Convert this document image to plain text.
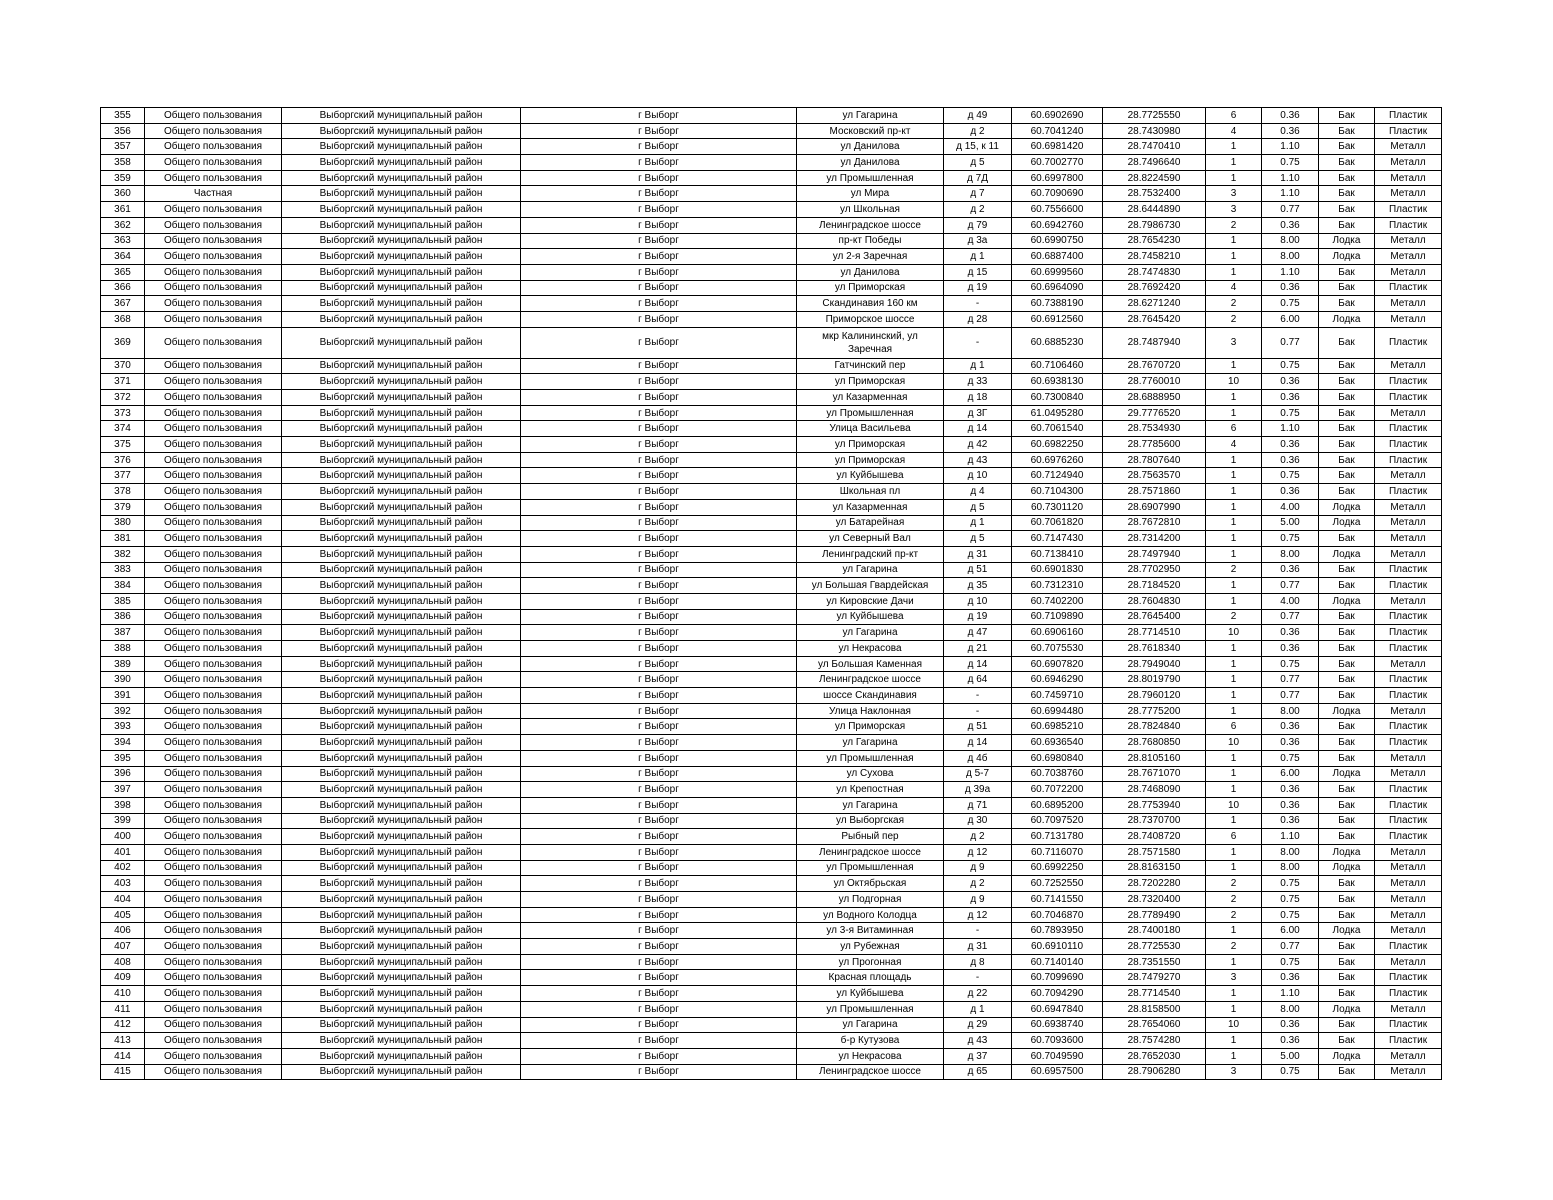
355	Общего пользования	Выборгский муниципальный район	г Выборг	ул Гагарина	д 49	60.6902690	28.7725550	6	0.36	Бак	Пластик
356	Общего пользования	Выборгский муниципальный район	г Выборг	Московский пр-кт	д 2	60.7041240	28.7430980	4	0.36	Бак	Пластик
357	Общего пользования	Выборгский муниципальный район	г Выборг	ул Данилова	д 15, к 11	60.6981420	28.7470410	1	1.10	Бак	Металл
358	Общего пользования	Выборгский муниципальный район	г Выборг	ул Данилова	д 5	60.7002770	28.7496640	1	0.75	Бак	Металл
359	Общего пользования	Выборгский муниципальный район	г Выборг	ул Промышленная	д 7Д	60.6997800	28.8224590	1	1.10	Бак	Металл
360	Частная	Выборгский муниципальный район	г Выборг	ул Мира	д 7	60.7090690	28.7532400	3	1.10	Бак	Металл
361	Общего пользования	Выборгский муниципальный район	г Выборг	ул Школьная	д 2	60.7556600	28.6444890	3	0.77	Бак	Пластик
362	Общего пользования	Выборгский муниципальный район	г Выборг	Ленинградское шоссе	д 79	60.6942760	28.7986730	2	0.36	Бак	Пластик
363	Общего пользования	Выборгский муниципальный район	г Выборг	пр-кт Победы	д 3а	60.6990750	28.7654230	1	8.00	Лодка	Металл
364	Общего пользования	Выборгский муниципальный район	г Выборг	ул 2-я Заречная	д 1	60.6887400	28.7458210	1	8.00	Лодка	Металл
365	Общего пользования	Выборгский муниципальный район	г Выборг	ул Данилова	д 15	60.6999560	28.7474830	1	1.10	Бак	Металл
366	Общего пользования	Выборгский муниципальный район	г Выборг	ул Приморская	д 19	60.6964090	28.7692420	4	0.36	Бак	Пластик
367	Общего пользования	Выборгский муниципальный район	г Выборг	Скандинавия 160 км	-	60.7388190	28.6271240	2	0.75	Бак	Металл
368	Общего пользования	Выборгский муниципальный район	г Выборг	Приморское шоссе	д 28	60.6912560	28.7645420	2	6.00	Лодка	Металл
369	Общего пользования	Выборгский муниципальный район	г Выборг	мкр Калининский, ул Заречная	-	60.6885230	28.7487940	3	0.77	Бак	Пластик
370	Общего пользования	Выборгский муниципальный район	г Выборг	Гатчинский пер	д 1	60.7106460	28.7670720	1	0.75	Бак	Металл
371	Общего пользования	Выборгский муниципальный район	г Выборг	ул Приморская	д 33	60.6938130	28.7760010	10	0.36	Бак	Пластик
372	Общего пользования	Выборгский муниципальный район	г Выборг	ул Казарменная	д 18	60.7300840	28.6888950	1	0.36	Бак	Пластик
373	Общего пользования	Выборгский муниципальный район	г Выборг	ул Промышленная	д 3Г	61.0495280	29.7776520	1	0.75	Бак	Металл
374	Общего пользования	Выборгский муниципальный район	г Выборг	Улица Васильева	д 14	60.7061540	28.7534930	6	1.10	Бак	Пластик
375	Общего пользования	Выборгский муниципальный район	г Выборг	ул Приморская	д 42	60.6982250	28.7785600	4	0.36	Бак	Пластик
376	Общего пользования	Выборгский муниципальный район	г Выборг	ул Приморская	д 43	60.6976260	28.7807640	1	0.36	Бак	Пластик
377	Общего пользования	Выборгский муниципальный район	г Выборг	ул Куйбышева	д 10	60.7124940	28.7563570	1	0.75	Бак	Металл
378	Общего пользования	Выборгский муниципальный район	г Выборг	Школьная пл	д 4	60.7104300	28.7571860	1	0.36	Бак	Пластик
379	Общего пользования	Выборгский муниципальный район	г Выборг	ул Казарменная	д 5	60.7301120	28.6907990	1	4.00	Лодка	Металл
380	Общего пользования	Выборгский муниципальный район	г Выборг	ул Батарейная	д 1	60.7061820	28.7672810	1	5.00	Лодка	Металл
381	Общего пользования	Выборгский муниципальный район	г Выборг	ул Северный Вал	д 5	60.7147430	28.7314200	1	0.75	Бак	Металл
382	Общего пользования	Выборгский муниципальный район	г Выборг	Ленинградский пр-кт	д 31	60.7138410	28.7497940	1	8.00	Лодка	Металл
383	Общего пользования	Выборгский муниципальный район	г Выборг	ул Гагарина	д 51	60.6901830	28.7702950	2	0.36	Бак	Пластик
384	Общего пользования	Выборгский муниципальный район	г Выборг	ул Большая Гвардейская	д 35	60.7312310	28.7184520	1	0.77	Бак	Пластик
385	Общего пользования	Выборгский муниципальный район	г Выборг	ул Кировские Дачи	д 10	60.7402200	28.7604830	1	4.00	Лодка	Металл
386	Общего пользования	Выборгский муниципальный район	г Выборг	ул Куйбышева	д 19	60.7109890	28.7645400	2	0.77	Бак	Пластик
387	Общего пользования	Выборгский муниципальный район	г Выборг	ул Гагарина	д 47	60.6906160	28.7714510	10	0.36	Бак	Пластик
388	Общего пользования	Выборгский муниципальный район	г Выборг	ул Некрасова	д 21	60.7075530	28.7618340	1	0.36	Бак	Пластик
389	Общего пользования	Выборгский муниципальный район	г Выборг	ул Большая Каменная	д 14	60.6907820	28.7949040	1	0.75	Бак	Металл
390	Общего пользования	Выборгский муниципальный район	г Выборг	Ленинградское шоссе	д 64	60.6946290	28.8019790	1	0.77	Бак	Пластик
391	Общего пользования	Выборгский муниципальный район	г Выборг	шоссе Скандинавия	-	60.7459710	28.7960120	1	0.77	Бак	Пластик
392	Общего пользования	Выборгский муниципальный район	г Выборг	Улица Наклонная	-	60.6994480	28.7775200	1	8.00	Лодка	Металл
393	Общего пользования	Выборгский муниципальный район	г Выборг	ул Приморская	д 51	60.6985210	28.7824840	6	0.36	Бак	Пластик
394	Общего пользования	Выборгский муниципальный район	г Выборг	ул Гагарина	д 14	60.6936540	28.7680850	10	0.36	Бак	Пластик
395	Общего пользования	Выборгский муниципальный район	г Выборг	ул Промышленная	д 4б	60.6980840	28.8105160	1	0.75	Бак	Металл
396	Общего пользования	Выборгский муниципальный район	г Выборг	ул Сухова	д 5-7	60.7038760	28.7671070	1	6.00	Лодка	Металл
397	Общего пользования	Выборгский муниципальный район	г Выборг	ул Крепостная	д 39а	60.7072200	28.7468090	1	0.36	Бак	Пластик
398	Общего пользования	Выборгский муниципальный район	г Выборг	ул Гагарина	д 71	60.6895200	28.7753940	10	0.36	Бак	Пластик
399	Общего пользования	Выборгский муниципальный район	г Выборг	ул Выборгская	д 30	60.7097520	28.7370700	1	0.36	Бак	Пластик
400	Общего пользования	Выборгский муниципальный район	г Выборг	Рыбный пер	д 2	60.7131780	28.7408720	6	1.10	Бак	Пластик
401	Общего пользования	Выборгский муниципальный район	г Выборг	Ленинградское шоссе	д 12	60.7116070	28.7571580	1	8.00	Лодка	Металл
402	Общего пользования	Выборгский муниципальный район	г Выборг	ул Промышленная	д 9	60.6992250	28.8163150	1	8.00	Лодка	Металл
403	Общего пользования	Выборгский муниципальный район	г Выборг	ул Октябрьская	д 2	60.7252550	28.7202280	2	0.75	Бак	Металл
404	Общего пользования	Выборгский муниципальный район	г Выборг	ул Подгорная	д 9	60.7141550	28.7320400	2	0.75	Бак	Металл
405	Общего пользования	Выборгский муниципальный район	г Выборг	ул Водного Колодца	д 12	60.7046870	28.7789490	2	0.75	Бак	Металл
406	Общего пользования	Выборгский муниципальный район	г Выборг	ул 3-я Витаминная	-	60.7893950	28.7400180	1	6.00	Лодка	Металл
407	Общего пользования	Выборгский муниципальный район	г Выборг	ул Рубежная	д 31	60.6910110	28.7725530	2	0.77	Бак	Пластик
408	Общего пользования	Выборгский муниципальный район	г Выборг	ул Прогонная	д 8	60.7140140	28.7351550	1	0.75	Бак	Металл
409	Общего пользования	Выборгский муниципальный район	г Выборг	Красная площадь	-	60.7099690	28.7479270	3	0.36	Бак	Пластик
410	Общего пользования	Выборгский муниципальный район	г Выборг	ул Куйбышева	д 22	60.7094290	28.7714540	1	1.10	Бак	Пластик
411	Общего пользования	Выборгский муниципальный район	г Выборг	ул Промышленная	д 1	60.6947840	28.8158500	1	8.00	Лодка	Металл
412	Общего пользования	Выборгский муниципальный район	г Выборг	ул Гагарина	д 29	60.6938740	28.7654060	10	0.36	Бак	Пластик
413	Общего пользования	Выборгский муниципальный район	г Выборг	б-р Кутузова	д 43	60.7093600	28.7574280	1	0.36	Бак	Пластик
414	Общего пользования	Выборгский муниципальный район	г Выборг	ул Некрасова	д 37	60.7049590	28.7652030	1	5.00	Лодка	Металл
415	Общего пользования	Выборгский муниципальный район	г Выборг	Ленинградское шоссе	д 65	60.6957500	28.7906280	3	0.75	Бак	Металл
